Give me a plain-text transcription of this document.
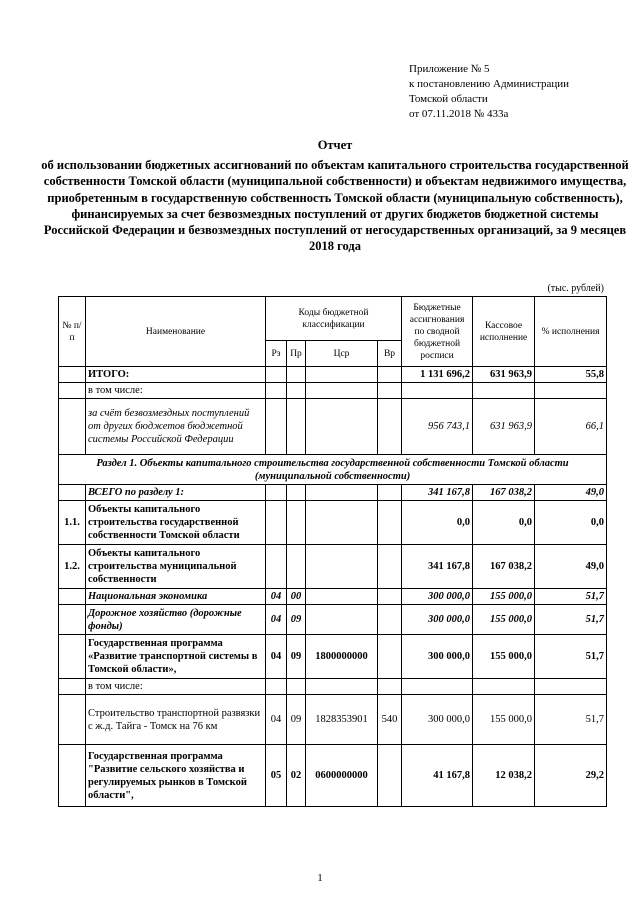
Приложение № 5
к постановлению Администрации
Томской области
от 07.11.2018 № 433а
Отчет
об использовании бюджетных ассигнований по объектам капитального строительства государственной собственности Томской области (муниципальной собственности) и объектам недвижимого имущества, приобретенным в государственную собственность Томской области (муниципальную собственность), финансируемых за счет безвозмездных поступлений от других бюджетов бюджетной системы Российской Федерации и безвозмездных поступлений от негосударственных организаций, за 9 месяцев 2018 года
(тыс. рублей)
№ п/п	Наименование	Коды бюджетной классификации				Бюджетные ассигнования по сводной бюджетной росписи	Кассовое исполнение	% исполнения
		Рз	Пр	Цср	Вр			
	ИТОГО:					1 131 696,2	631 963,9	55,8
	в том числе:							
	за счёт безвозмездных поступлений от других бюджетов бюджетной системы Российской Федерации					956 743,1	631 963,9	66,1
Раздел 1. Объекты капитального строительства государственной собственности Томской области (муниципальной собственности)								
	ВСЕГО по разделу 1:					341 167,8	167 038,2	49,0
1.1.	Объекты капитального строительства государственной собственности Томской области					0,0	0,0	0,0
1.2.	Объекты капитального строительства муниципальной собственности					341 167,8	167 038,2	49,0
	Национальная экономика	04	00			300 000,0	155 000,0	51,7
	Дорожное хозяйство (дорожные фонды)	04	09			300 000,0	155 000,0	51,7
	Государственная программа «Развитие транспортной системы в Томской области»,	04	09	1800000000		300 000,0	155 000,0	51,7
	в том числе:							
	Строительство транспортной развязки с ж.д. Тайга - Томск на 76 км	04	09	1828353901	540	300 000,0	155 000,0	51,7
	Государственная программа "Развитие сельского хозяйства и регулируемых рынков в Томской области",	05	02	0600000000		41 167,8	12 038,2	29,2
1
